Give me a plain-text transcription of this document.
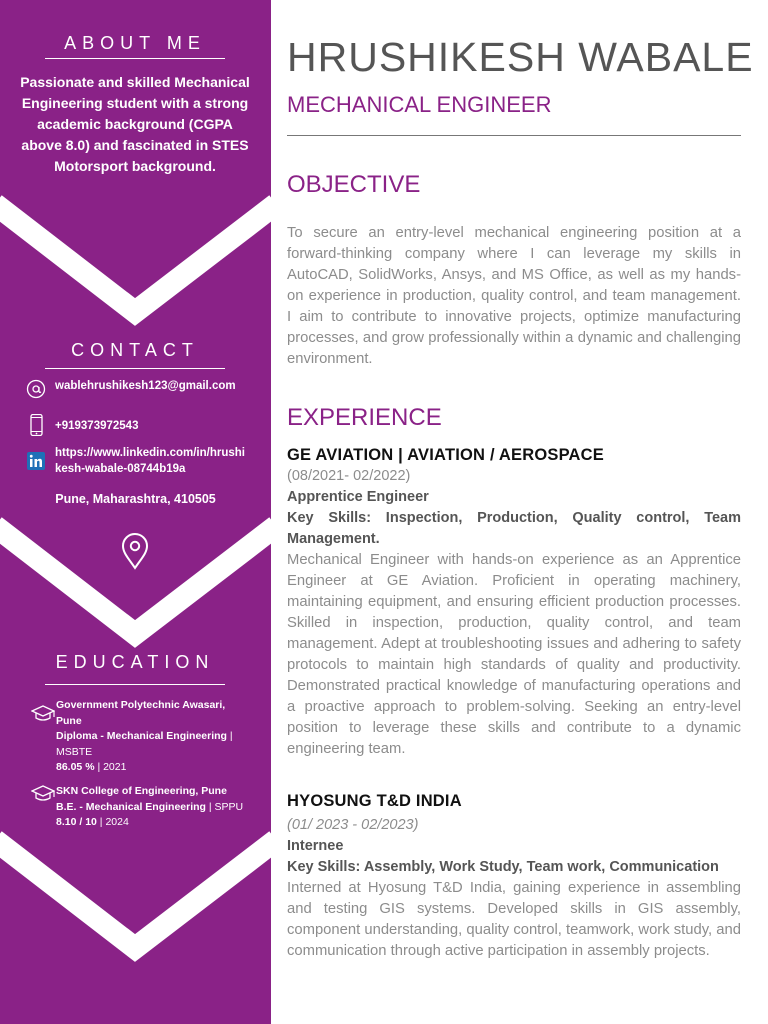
ABOUT ME
Passionate and skilled Mechanical Engineering student with a strong academic background (CGPA above 8.0) and fascinated in STES Motorsport background.
CONTACT
wablehrushikesh123@gmail.com
+919373972543
https://www.linkedin.com/in/hrushikesh-wabale-08744b19a
Pune, Maharashtra, 410505
EDUCATION
Government Polytechnic Awasari, Pune
Diploma - Mechanical Engineering | MSBTE
86.05 % | 2021
SKN College of Engineering, Pune
B.E. - Mechanical Engineering | SPPU
8.10 / 10 | 2024
HRUSHIKESH WABALE
MECHANICAL ENGINEER
OBJECTIVE
To secure an entry-level mechanical engineering position at a forward-thinking company where I can leverage my skills in AutoCAD, SolidWorks, Ansys, and MS Office, as well as my hands-on experience in production, quality control, and team management. I aim to contribute to innovative projects, optimize manufacturing processes, and grow professionally within a dynamic and challenging environment.
EXPERIENCE
GE AVIATION | AVIATION / AEROSPACE
(08/2021- 02/2022)
Apprentice Engineer
Key Skills: Inspection, Production, Quality control, Team Management.
Mechanical Engineer with hands-on experience as an Apprentice Engineer at GE Aviation. Proficient in operating machinery, maintaining equipment, and ensuring efficient production processes. Skilled in inspection, production, quality control, and team management. Adept at troubleshooting issues and adhering to safety protocols to maintain high standards of quality and productivity. Demonstrated practical knowledge of manufacturing operations and a proactive approach to problem-solving. Seeking an entry-level position to leverage these skills and contribute to a dynamic engineering team.
HYOSUNG T&D INDIA
(01/ 2023 - 02/2023)
Internee
Key Skills: Assembly, Work Study, Team work, Communication
Interned at Hyosung T&D India, gaining experience in assembling and testing GIS systems. Developed skills in GIS assembly, component understanding, quality control, teamwork, work study, and communication through active participation in assembly projects.
